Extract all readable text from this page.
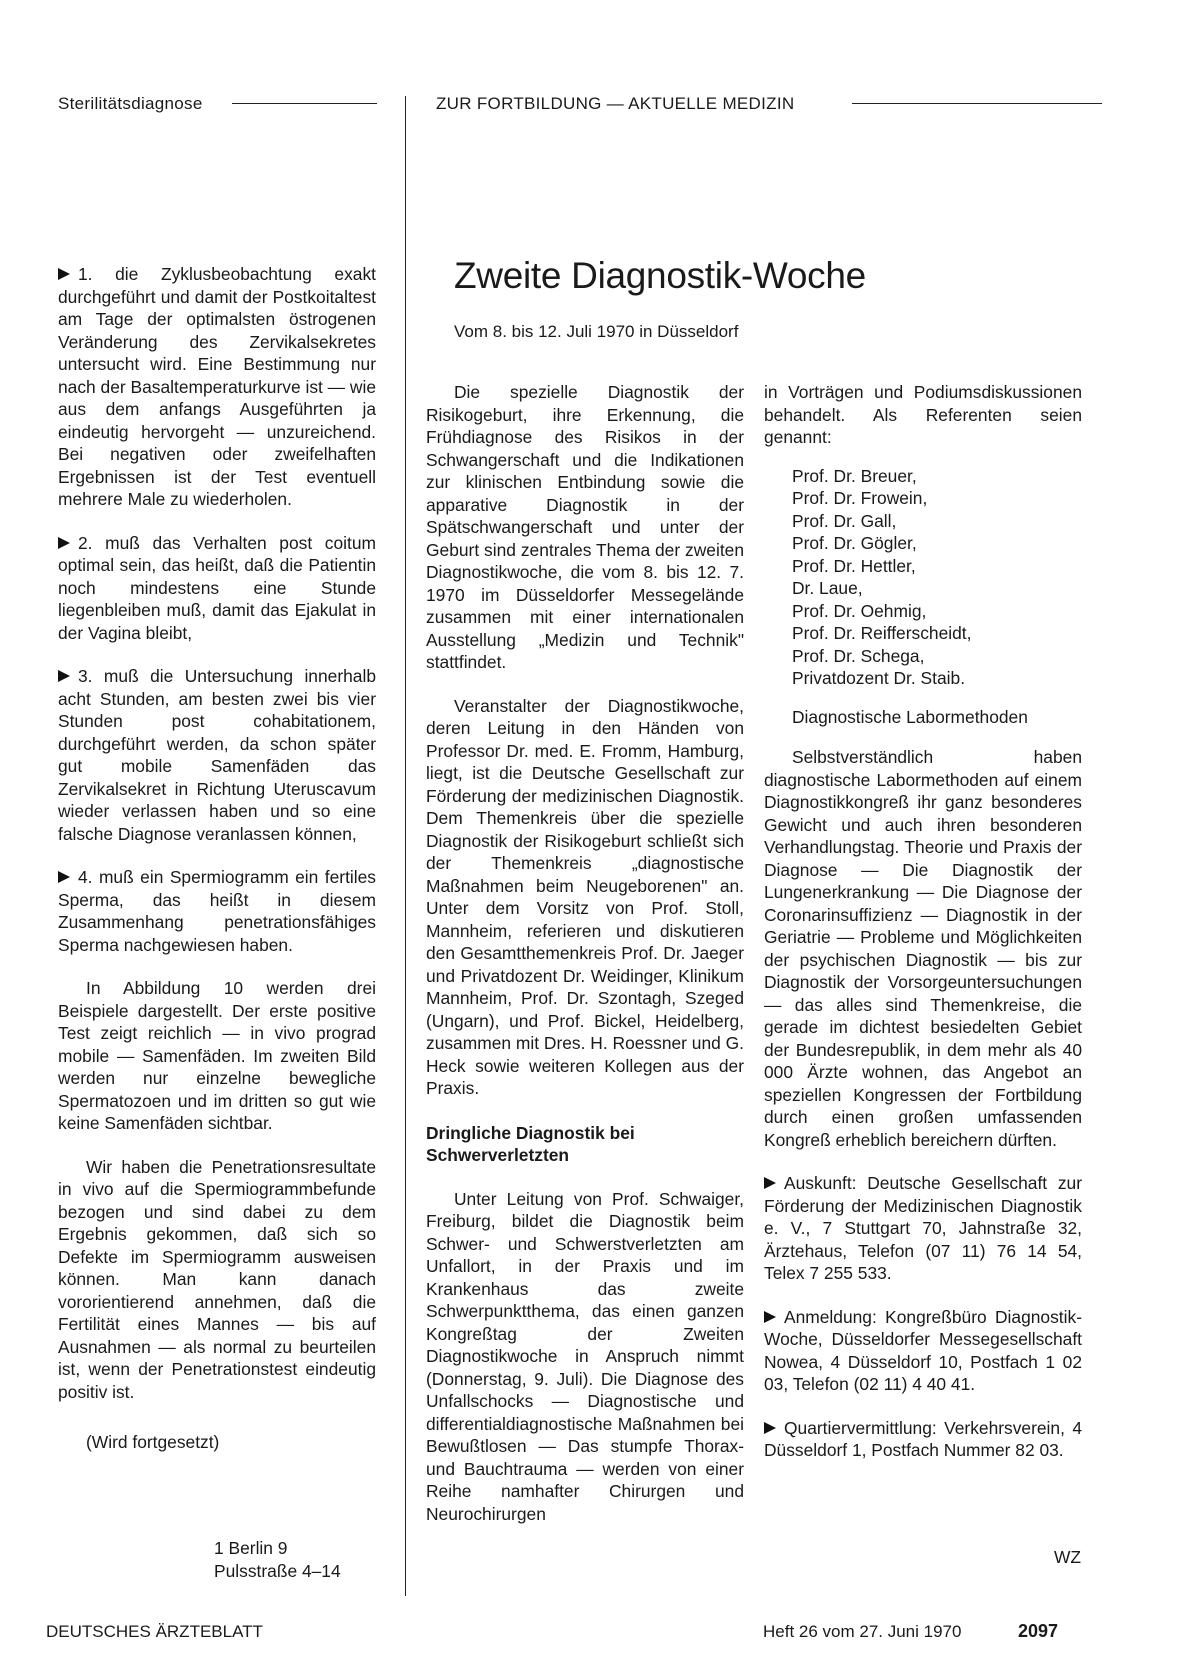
Sterilitätsdiagnose	ZUR FORTBILDUNG — AKTUELLE MEDIZIN

1. die Zyklusbeobachtung exakt durchgeführt und damit der Postkoitaltest am Tage der optimalsten östrogenen Veränderung des Zervikalsekretes untersucht wird. Eine Bestimmung nur nach der Basaltemperaturkurve ist — wie aus dem anfangs Ausgeführten ja eindeutig hervorgeht — unzureichend. Bei negativen oder zweifelhaften Ergebnissen ist der Test eventuell mehrere Male zu wiederholen.

2. muß das Verhalten post coitum optimal sein, das heißt, daß die Patientin noch mindestens eine Stunde liegenbleiben muß, damit das Ejakulat in der Vagina bleibt,

3. muß die Untersuchung innerhalb acht Stunden, am besten zwei bis vier Stunden post cohabitationem, durchgeführt werden, da schon später gut mobile Samenfäden das Zervikalsekret in Richtung Uteruscavum wieder verlassen haben und so eine falsche Diagnose veranlassen können,

4. muß ein Spermiogramm ein fertiles Sperma, das heißt in diesem Zusammenhang penetrationsfähiges Sperma nachgewiesen haben.

In Abbildung 10 werden drei Beispiele dargestellt. Der erste positive Test zeigt reichlich — in vivo prograd mobile — Samenfäden. Im zweiten Bild werden nur einzelne bewegliche Spermatozoen und im dritten so gut wie keine Samenfäden sichtbar.

Wir haben die Penetrationsresultate in vivo auf die Spermiogrammbefunde bezogen und sind dabei zu dem Ergebnis gekommen, daß sich so Defekte im Spermiogramm ausweisen können. Man kann danach vororientierend annehmen, daß die Fertilität eines Mannes — bis auf Ausnahmen — als normal zu beurteilen ist, wenn der Penetrationstest eindeutig positiv ist.

(Wird fortgesetzt)

1 Berlin 9
Pulsstraße 4–14
Zweite Diagnostik-Woche
Vom 8. bis 12. Juli 1970 in Düsseldorf

Die spezielle Diagnostik der Risikogeburt, ihre Erkennung, die Frühdiagnose des Risikos in der Schwangerschaft und die Indikationen zur klinischen Entbindung sowie die apparative Diagnostik in der Spätschwangerschaft und unter der Geburt sind zentrales Thema der zweiten Diagnostikwoche, die vom 8. bis 12. 7. 1970 im Düsseldorfer Messegelände zusammen mit einer internationalen Ausstellung „Medizin und Technik" stattfindet.

Veranstalter der Diagnostikwoche, deren Leitung in den Händen von Professor Dr. med. E. Fromm, Hamburg, liegt, ist die Deutsche Gesellschaft zur Förderung der medizinischen Diagnostik. Dem Themenkreis über die spezielle Diagnostik der Risikogeburt schließt sich der Themenkreis „diagnostische Maßnahmen beim Neugeborenen" an. Unter dem Vorsitz von Prof. Stoll, Mannheim, referieren und diskutieren den Gesamtthemenkreis Prof. Dr. Jaeger und Privatdozent Dr. Weidinger, Klinikum Mannheim, Prof. Dr. Szontagh, Szeged (Ungarn), und Prof. Bickel, Heidelberg, zusammen mit Dres. H. Roessner und G. Heck sowie weiteren Kollegen aus der Praxis.

Dringliche Diagnostik bei Schwerverletzten

Unter Leitung von Prof. Schwaiger, Freiburg, bildet die Diagnostik beim Schwer- und Schwerstverletzten am Unfallort, in der Praxis und im Krankenhaus das zweite Schwerpunktthema, das einen ganzen Kongreßtag der Zweiten Diagnostikwoche in Anspruch nimmt (Donnerstag, 9. Juli). Die Diagnose des Unfallschocks — Diagnostische und differentialdiagnostische Maßnahmen bei Bewußtlosen — Das stumpfe Thorax- und Bauchtrauma — werden von einer Reihe namhafter Chirurgen und Neurochirurgen

in Vorträgen und Podiumsdiskussionen behandelt. Als Referenten seien genannt:

Prof. Dr. Breuer,
Prof. Dr. Frowein,
Prof. Dr. Gall,
Prof. Dr. Gögler,
Prof. Dr. Hettler,
Dr. Laue,
Prof. Dr. Oehmig,
Prof. Dr. Reifferscheidt,
Prof. Dr. Schega,
Privatdozent Dr. Staib.

Diagnostische Labormethoden

Selbstverständlich haben diagnostische Labormethoden auf einem Diagnostikkongreß ihr ganz besonderes Gewicht und auch ihren besonderen Verhandlungstag. Theorie und Praxis der Diagnose — Die Diagnostik der Lungenerkrankung — Die Diagnose der Coronarinsuffizienz — Diagnostik in der Geriatrie — Probleme und Möglichkeiten der psychischen Diagnostik — bis zur Diagnostik der Vorsorgeuntersuchungen — das alles sind Themenkreise, die gerade im dichtest besiedelten Gebiet der Bundesrepublik, in dem mehr als 40 000 Ärzte wohnen, das Angebot an speziellen Kongressen der Fortbildung durch einen großen umfassenden Kongreß erheblich bereichern dürften.

Auskunft: Deutsche Gesellschaft zur Förderung der Medizinischen Diagnostik e. V., 7 Stuttgart 70, Jahnstraße 32, Ärztehaus, Telefon (07 11) 76 14 54, Telex 7 255 533.

Anmeldung: Kongreßbüro Diagnostik-Woche, Düsseldorfer Messegesellschaft Nowea, 4 Düsseldorf 10, Postfach 1 02 03, Telefon (02 11) 4 40 41.

Quartiervermittlung: Verkehrsverein, 4 Düsseldorf 1, Postfach Nummer 82 03.

WZ
DEUTSCHES ÄRZTEBLATT	Heft 26 vom 27. Juni 1970	2097
